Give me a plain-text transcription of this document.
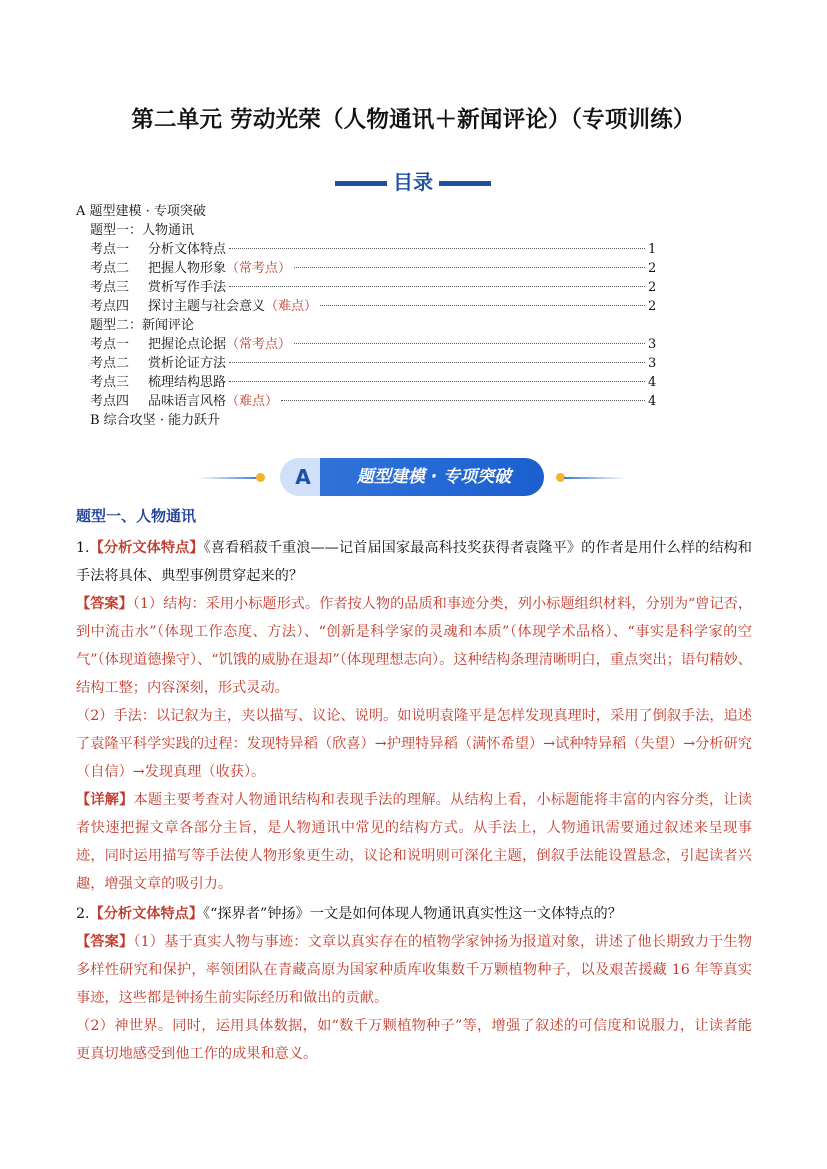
第二单元 劳动光荣（人物通讯＋新闻评论）（专项训练）
目录
A 题型建模 · 专项突破
题型一：人物通讯
考点一	分析文体特点	1
考点二	把握人物形象 （常考点）	2
考点三	赏析写作手法	2
考点四	探讨主题与社会意义 （难点）	2
题型二：新闻评论
考点一	把握论点论据 （常考点）	3
考点二	赏析论证方法	3
考点三	梳理结构思路	4
考点四	品味语言风格 （难点）	4
B 综合攻坚 · 能力跃升
A	题型建模 · 专项突破
题型一、人物通讯

1.【分析文体特点】《喜看稻菽千重浪——记首届国家最高科技奖获得者袁隆平》的作者是用什么样的结构和手法将具体、典型事例贯穿起来的？

【答案】（1）结构：采用小标题形式。作者按人物的品质和事迹分类，列小标题组织材料，分别为“曾记否，到中流击水”（体现工作态度、方法）、“创新是科学家的灵魂和本质”（体现学术品格）、“事实是科学家的空气”（体现道德操守）、“饥饿的威胁在退却”（体现理想志向）。这种结构条理清晰明白，重点突出；语句精妙、结构工整；内容深刻，形式灵动。

（2）手法：以记叙为主，夹以描写、议论、说明。如说明袁隆平是怎样发现真理时，采用了倒叙手法，追述了袁隆平科学实践的过程：发现特异稻（欣喜）→护理特异稻（满怀希望）→试种特异稻（失望）→分析研究（自信）→发现真理（收获）。

【详解】本题主要考查对人物通讯结构和表现手法的理解。从结构上看，小标题能将丰富的内容分类，让读者快速把握文章各部分主旨，是人物通讯中常见的结构方式。从手法上，人物通讯需要通过叙述来呈现事迹，同时运用描写等手法使人物形象更生动，议论和说明则可深化主题，倒叙手法能设置悬念，引起读者兴趣，增强文章的吸引力。

2.【分析文体特点】《“探界者”钟扬》一文是如何体现人物通讯真实性这一文体特点的？

【答案】（1）基于真实人物与事迹：文章以真实存在的植物学家钟扬为报道对象，讲述了他长期致力于生物多样性研究和保护，率领团队在青藏高原为国家种质库收集数千万颗植物种子，以及艰苦援藏 16 年等真实事迹，这些都是钟扬生前实际经历和做出的贡献。

（2）神世界。同时，运用具体数据，如“数千万颗植物种子”等，增强了叙述的可信度和说服力，让读者能更真切地感受到他工作的成果和意义。
